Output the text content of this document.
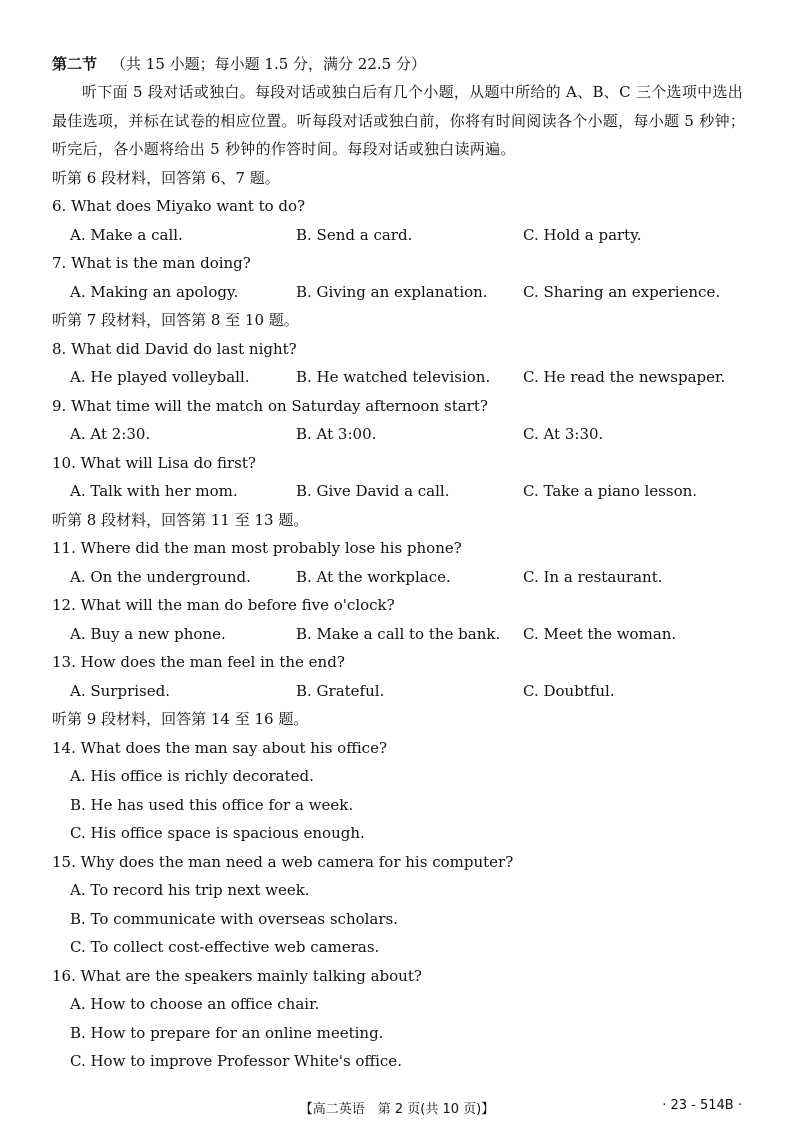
第二节 （共 15 小题；每小题 1.5 分，满分 22.5 分）

听下面 5 段对话或独白。每段对话或独白后有几个小题，从题中所给的 A、B、C 三个选项中选出最佳选项，并标在试卷的相应位置。听每段对话或独白前，你将有时间阅读各个小题，每小题 5 秒钟；听完后，各小题将给出 5 秒钟的作答时间。每段对话或独白读两遍。

听第 6 段材料，回答第 6、7 题。
6. What does Miyako want to do?
A. Make a call.	B. Send a card.	C. Hold a party.
7. What is the man doing?
A. Making an apology.	B. Giving an explanation.	C. Sharing an experience.
听第 7 段材料，回答第 8 至 10 题。
8. What did David do last night?
A. He played volleyball.	B. He watched television.	C. He read the newspaper.
9. What time will the match on Saturday afternoon start?
A. At 2:30.	B. At 3:00.	C. At 3:30.
10. What will Lisa do first?
A. Talk with her mom.	B. Give David a call.	C. Take a piano lesson.
听第 8 段材料，回答第 11 至 13 题。
11. Where did the man most probably lose his phone?
A. On the underground.	B. At the workplace.	C. In a restaurant.
12. What will the man do before five o'clock?
A. Buy a new phone.	B. Make a call to the bank.	C. Meet the woman.
13. How does the man feel in the end?
A. Surprised.	B. Grateful.	C. Doubtful.
听第 9 段材料，回答第 14 至 16 题。
14. What does the man say about his office?
A. His office is richly decorated.
B. He has used this office for a week.
C. His office space is spacious enough.
15. Why does the man need a web camera for his computer?
A. To record his trip next week.
B. To communicate with overseas scholars.
C. To collect cost-effective web cameras.
16. What are the speakers mainly talking about?
A. How to choose an office chair.
B. How to prepare for an online meeting.
C. How to improve Professor White's office.
【高二英语　第 2 页(共 10 页)】	· 23 - 514B ·
